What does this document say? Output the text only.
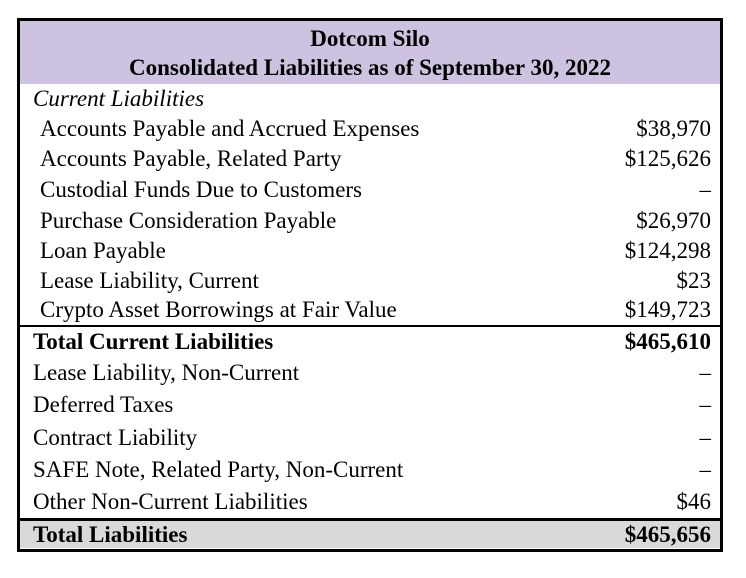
Dotcom Silo
Consolidated Liabilities as of September 30, 2022
Current Liabilities
Accounts Payable and Accrued Expenses	$38,970
Accounts Payable, Related Party	$125,626
Custodial Funds Due to Customers	–
Purchase Consideration Payable	$26,970
Loan Payable	$124,298
Lease Liability, Current	$23
Crypto Asset Borrowings at Fair Value	$149,723
Total Current Liabilities	$465,610
Lease Liability, Non-Current	–
Deferred Taxes	–
Contract Liability	–
SAFE Note, Related Party, Non-Current	–
Other Non-Current Liabilities	$46
Total Liabilities	$465,656
